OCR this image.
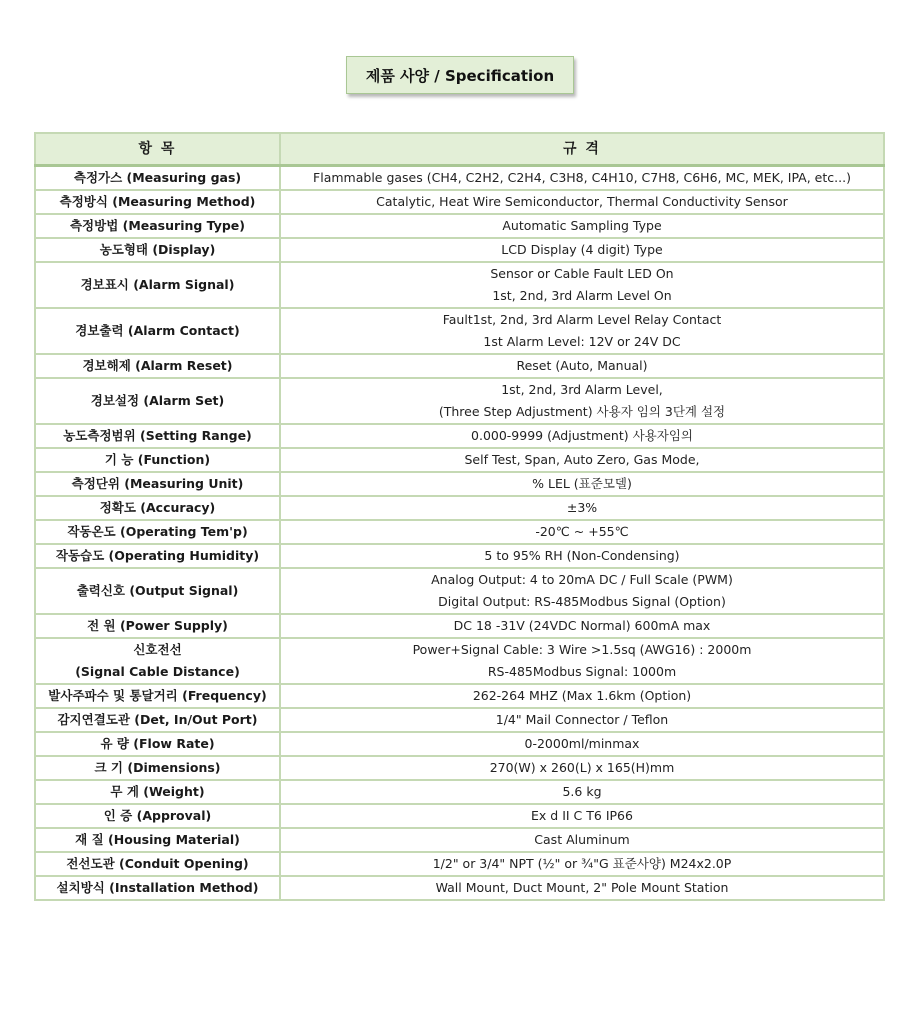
제품 사양 / Specification
항 목	규 격
측정가스 (Measuring gas)	Flammable gases (CH4, C2H2, C2H4, C3H8, C4H10, C7H8, C6H6, MC, MEK, IPA, etc...)

측정방식 (Measuring Method)	Catalytic, Heat Wire Semiconductor, Thermal Conductivity Sensor

측정방법 (Measuring Type)	Automatic Sampling Type

농도형태 (Display)	LCD Display (4 digit) Type

경보표시 (Alarm Signal)	Sensor or Cable Fault LED On
1st, 2nd, 3rd Alarm Level On

경보출력 (Alarm Contact)	Fault1st, 2nd, 3rd Alarm Level Relay Contact
1st Alarm Level: 12V or 24V DC

경보해제 (Alarm Reset)	Reset (Auto, Manual)

경보설정 (Alarm Set)	1st, 2nd, 3rd Alarm Level,
(Three Step Adjustment) 사용자 임의 3단계 설정

농도측정범위 (Setting Range)	0.000-9999 (Adjustment) 사용자임의

기 능 (Function)	Self Test, Span, Auto Zero, Gas Mode,

측정단위 (Measuring Unit)	% LEL (표준모델)

정확도 (Accuracy)	±3%

작동온도 (Operating Tem'p)	-20℃ ~ +55℃

작동습도 (Operating Humidity)	5 to 95% RH (Non-Condensing)

출력신호 (Output Signal)	Analog Output: 4 to 20mA DC / Full Scale (PWM)
Digital Output: RS-485Modbus Signal (Option)

전 원 (Power Supply)	DC 18 -31V (24VDC Normal) 600mA max

신호전선
(Signal Cable Distance)	Power+Signal Cable: 3 Wire >1.5sq (AWG16) : 2000m
RS-485Modbus Signal: 1000m

발사주파수 및 통달거리 (Frequency)	262-264 MHZ (Max 1.6km (Option)

감지연결도관 (Det, In/Out Port)	1/4" Mail Connector / Teflon

유 량 (Flow Rate)	0-2000ml/minmax

크 기 (Dimensions)	270(W) x 260(L) x 165(H)mm

무 게 (Weight)	5.6 kg

인 증 (Approval)	Ex d II C T6 IP66

재 질 (Housing Material)	Cast Aluminum

전선도관 (Conduit Opening)	1/2" or 3/4" NPT (½" or ¾"G 표준사양) M24x2.0P

설치방식 (Installation Method)	Wall Mount, Duct Mount, 2" Pole Mount Station
